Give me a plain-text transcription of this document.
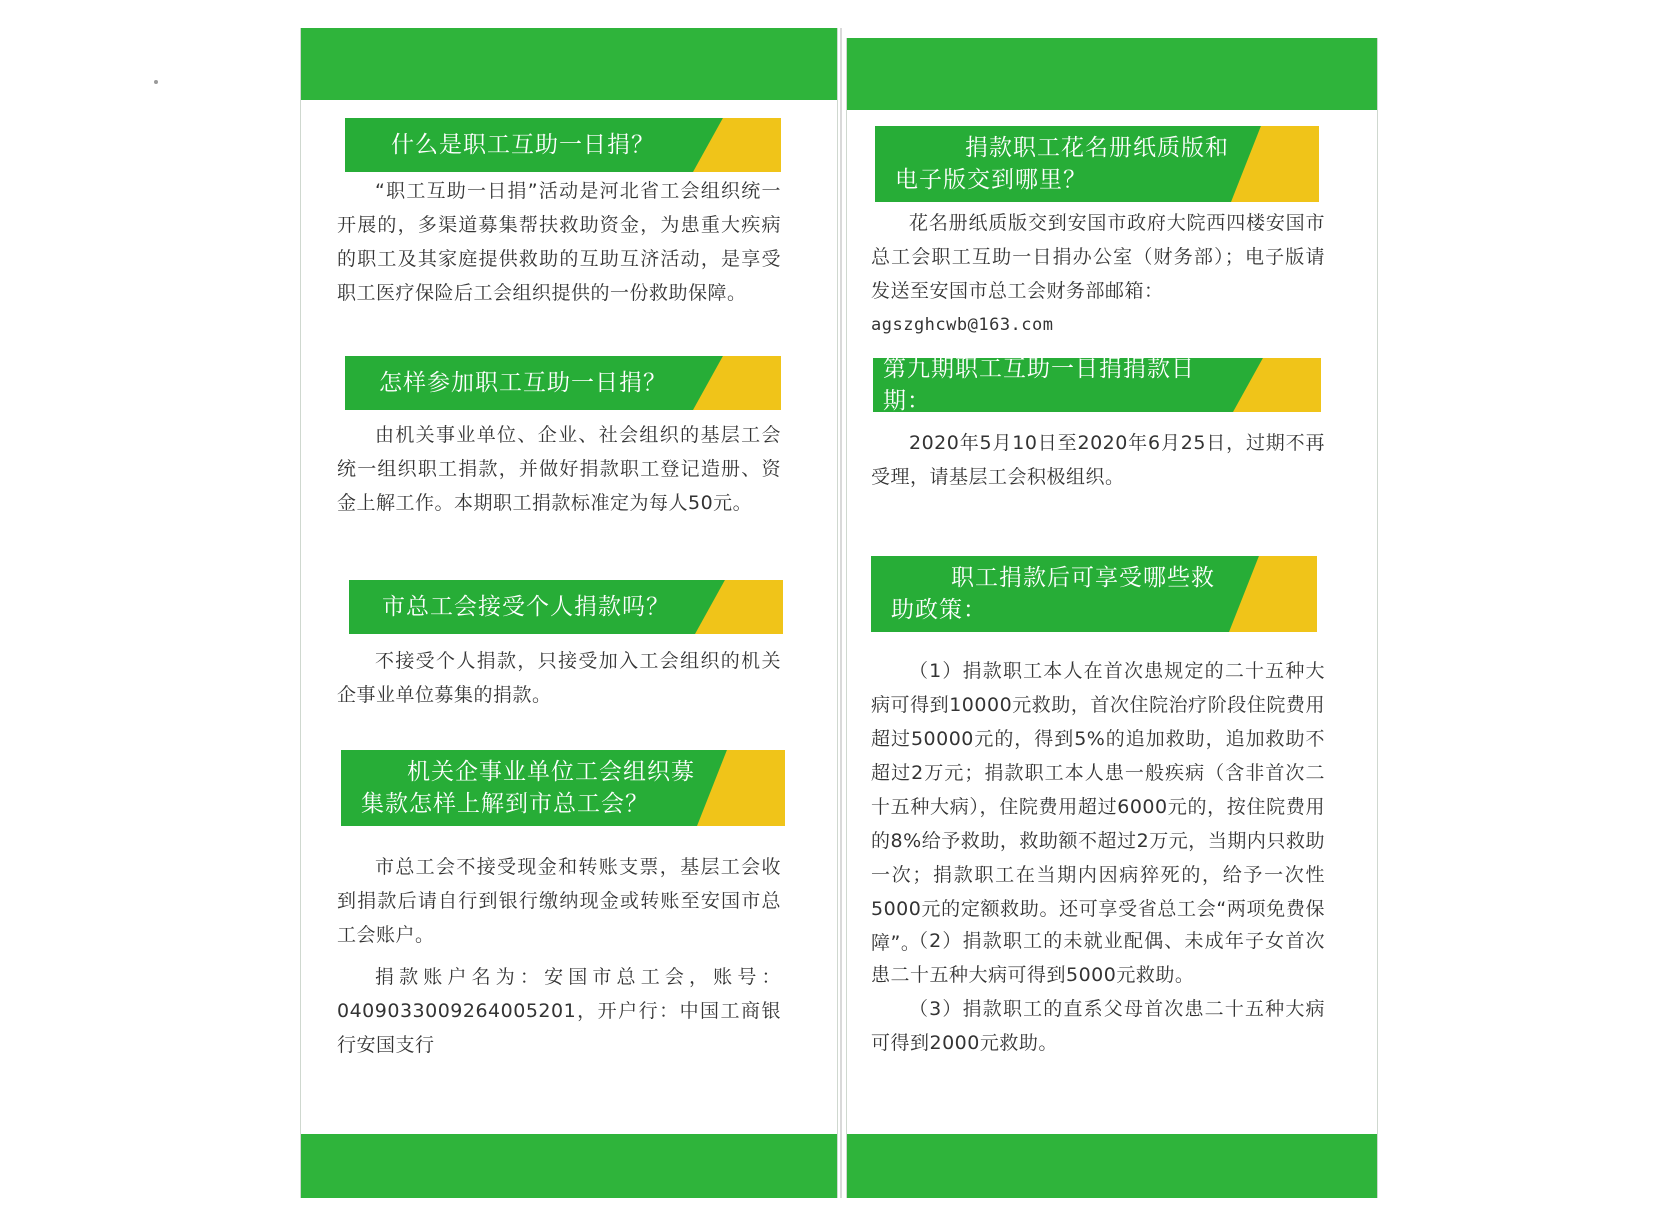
什么是职工互助一日捐？
“职工互助一日捐”活动是河北省工会组织统一开展的，多渠道募集帮扶救助资金，为患重大疾病的职工及其家庭提供救助的互助互济活动，是享受职工医疗保险后工会组织提供的一份救助保障。
怎样参加职工互助一日捐？
由机关事业单位、企业、社会组织的基层工会统一组织职工捐款，并做好捐款职工登记造册、资金上解工作。本期职工捐款标准定为每人50元。
市总工会接受个人捐款吗？
不接受个人捐款，只接受加入工会组织的机关企事业单位募集的捐款。
机关企事业单位工会组织募
集款怎样上解到市总工会？
市总工会不接受现金和转账支票，基层工会收到捐款后请自行到银行缴纳现金或转账至安国市总工会账户。
捐款账户名为：安国市总工会，账号：0409033009264005201，开户行：中国工商银行安国支行
捐款职工花名册纸质版和
电子版交到哪里？
花名册纸质版交到安国市政府大院西四楼安国市总工会职工互助一日捐办公室（财务部）；电子版请发送至安国市总工会财务部邮箱：
agszghcwb@163.com
第九期职工互助一日捐捐款日期：
2020年5月10日至2020年6月25日，过期不再受理，请基层工会积极组织。
职工捐款后可享受哪些救
助政策：
（1）捐款职工本人在首次患规定的二十五种大病可得到10000元救助，首次住院治疗阶段住院费用超过50000元的，得到5%的追加救助，追加救助不超过2万元；捐款职工本人患一般疾病（含非首次二十五种大病），住院费用超过6000元的，按住院费用的8%给予救助，救助额不超过2万元，当期内只救助一次；捐款职工在当期内因病猝死的，给予一次性5000元的定额救助。还可享受省总工会“两项免费保障”。
（2）捐款职工的未就业配偶、未成年子女首次患二十五种大病可得到5000元救助。
（3）捐款职工的直系父母首次患二十五种大病可得到2000元救助。
